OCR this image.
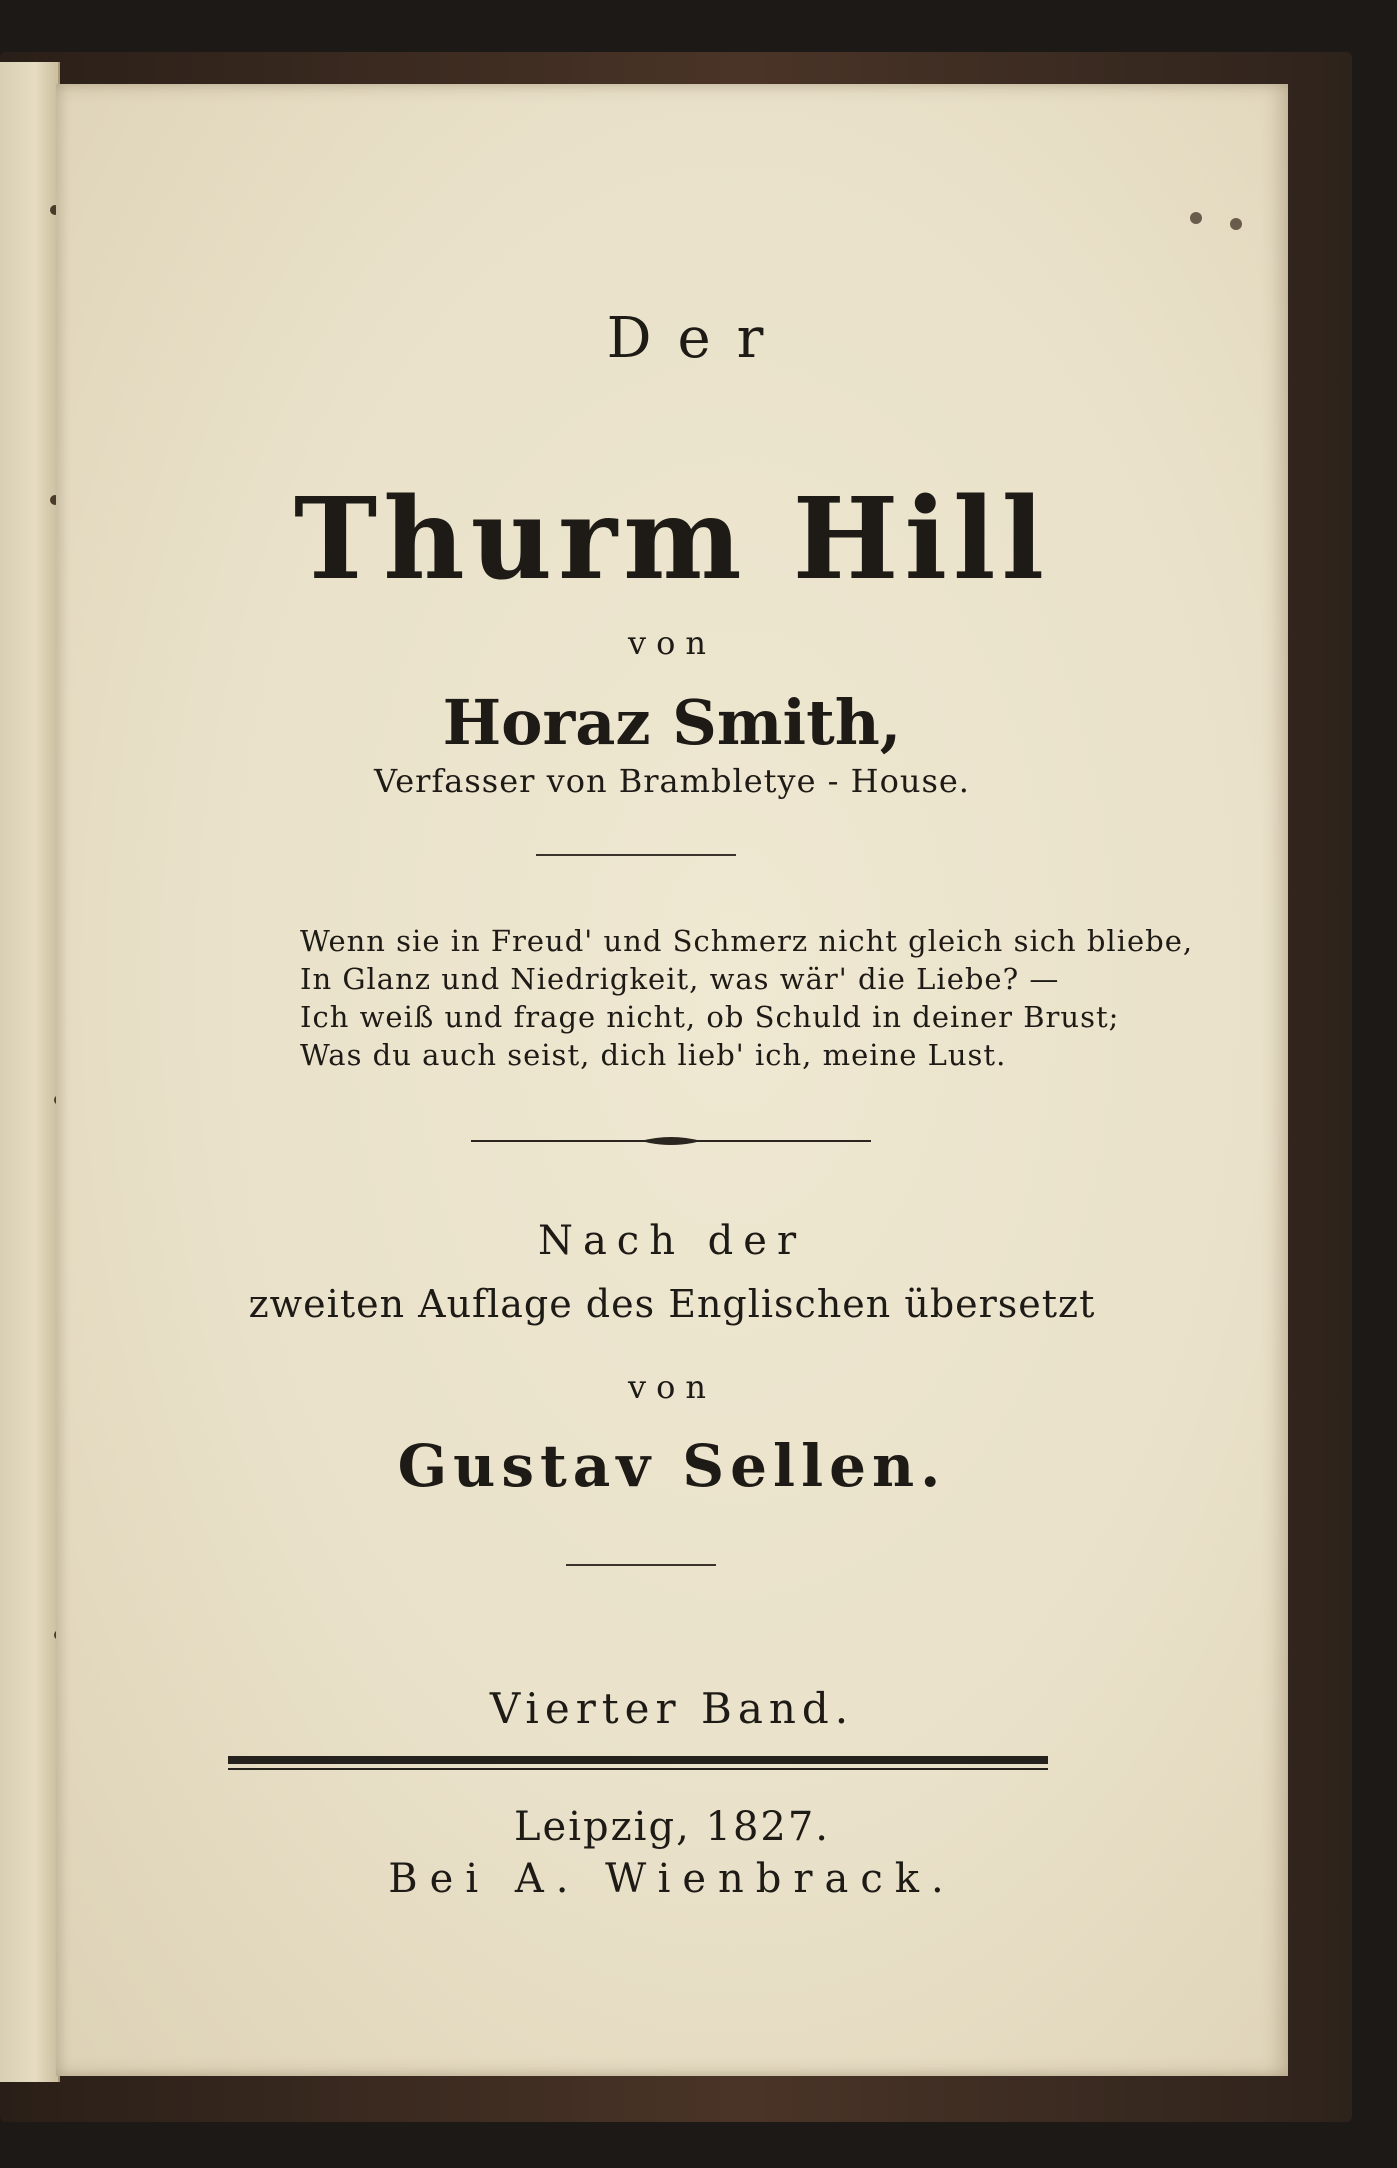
Der
Thurm Hill
von
Horaz Smith,
Verfasser von Brambletye - House.
Wenn sie in Freud' und Schmerz nicht gleich sich bliebe,
In Glanz und Niedrigkeit, was wär' die Liebe? —
Ich weiß und frage nicht, ob Schuld in deiner Brust;
Was du auch seist, dich lieb' ich, meine Lust.
Nach der
zweiten Auflage des Englischen übersetzt
von
Gustav Sellen.
Vierter Band.
Leipzig, 1827.
Bei A. Wienbrack.
